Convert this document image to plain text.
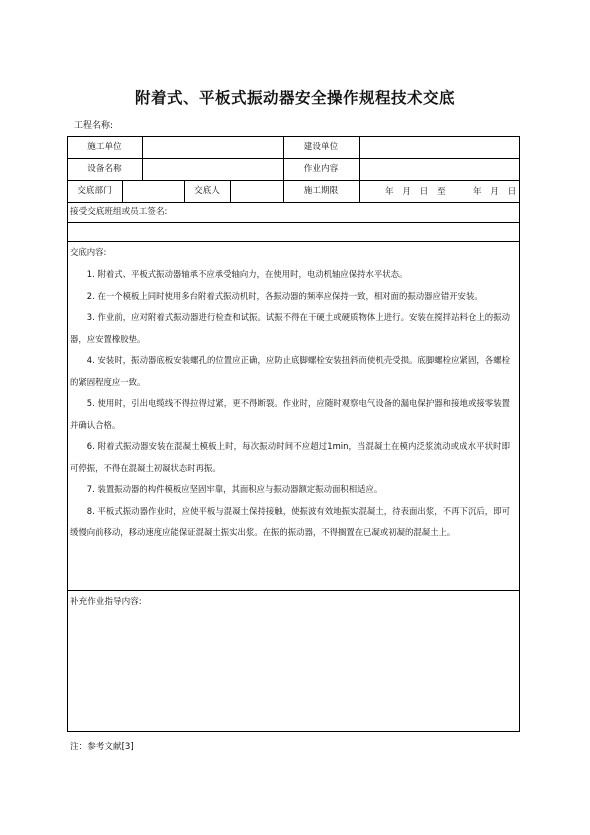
附着式、平板式振动器安全操作规程技术交底
工程名称:
施工单位	建设单位
设备名称	作业内容
交底部门	交底人	施工期限	年 月 日 至	年 月 日
接受交底班组或员工签名:
交底内容:

1. 附着式、平板式振动器轴承不应承受轴向力，在使用时，电动机轴应保持水平状态。

2. 在一个模板上同时使用多台附着式振动机时，各振动器的频率应保持一致，相对面的振动器应错开安装。

3. 作业前，应对附着式振动器进行检查和试振。试振不得在干硬土或硬质物体上进行。安装在搅拌站料仓上的振动器，应安置橡胶垫。

4. 安装时，振动器底板安装螺孔的位置应正确，应防止底脚螺栓安装扭斜而使机壳受损。底脚螺栓应紧固，各螺栓的紧固程度应一致。

5. 使用时，引出电缆线不得拉得过紧，更不得断裂。作业时，应随时观察电气设备的漏电保护器和接地或接零装置并确认合格。

6. 附着式振动器安装在混凝土模板上时，每次振动时间不应超过1min，当混凝土在模内泛浆流动或成水平状时即可停振，不得在混凝土初凝状态时再振。

7. 装置振动器的构件模板应坚固牢靠，其面积应与振动器额定振动面积相适应。

8. 平板式振动器作业时，应使平板与混凝土保持接触，使振波有效地振实混凝土，待表面出浆，不再下沉后，即可缓慢向前移动，移动速度应能保证混凝土振实出浆。在振的振动器，不得搁置在已凝或初凝的混凝土上。

补充作业指导内容:
注：参考文献[3]
